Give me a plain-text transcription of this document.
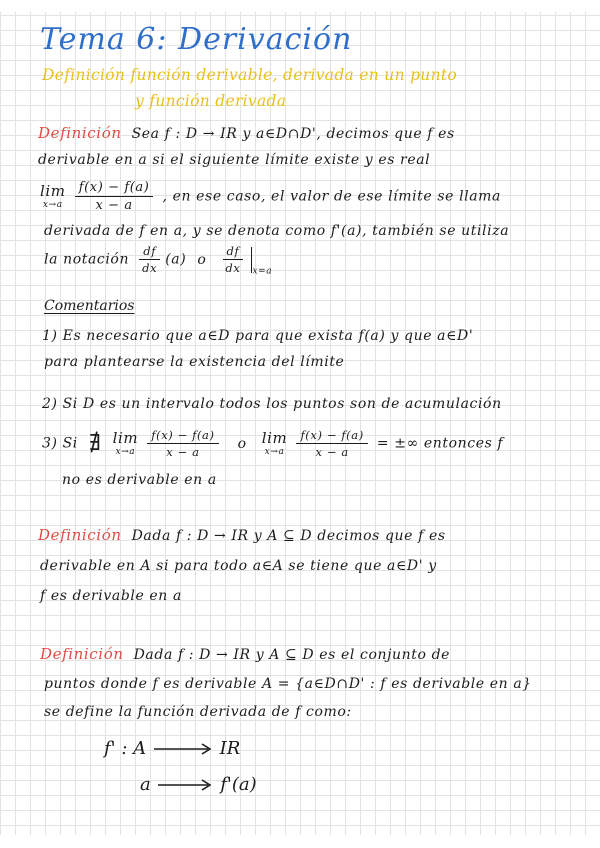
Tema 6: Derivación
Definición función derivable, derivada en un punto
y función derivada
Definición Sea f : D → IR y a∈D∩D', decimos que f es
derivable en a si el siguiente límite existe y es real
lim
x→a
$\frac{f(x) - f(a)}{x - a}$ , en ese caso, el valor de ese límite se llama
derivada de f en a, y se denota como f'(a), también se utiliza
la notación $\frac{df}{dx} (a)$ o $\frac{df}{dx} _{x=a}$
Comentarios
1) Es necesario que a∈D para que exista f(a) y que a∈D'
para plantearse la existencia del límite
2) Si D es un intervalo todos los puntos son de acumulación
3) Si ∄ lim
x→a
$\frac{f(x) - f(a)}{x - a}$ o lim
x→a
$\frac{f(x) - f(a)}{x - a}$ = ±∞ entonces f
no es derivable en a
Definición Dada f : D → IR y A ⊆ D decimos que f es
derivable en A si para todo a∈A se tiene que a∈D' y
f es derivable en a
Definición Dada f : D → IR y A ⊆ D es el conjunto de
puntos donde f es derivable A = {a∈D∩D' : f es derivable en a}
se define la función derivada de f como:
f' : A	IR
a	f'(a)
